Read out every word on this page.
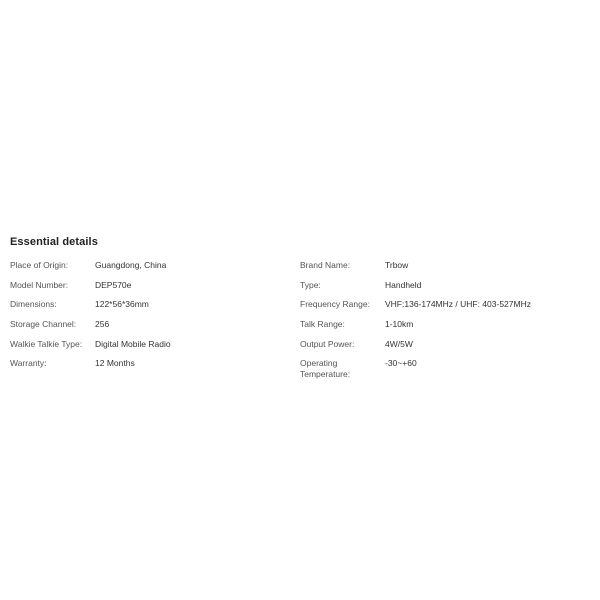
Essential details
Place of Origin:	Guangdong, China
Model Number:	DEP570e
Dimensions:	122*56*36mm
Storage Channel:	256
Walkie Talkie Type:	Digital Mobile Radio
Warranty:	12 Months
Brand Name:	Trbow
Type:	Handheld
Frequency Range:	VHF:136-174MHz / UHF: 403-527MHz
Talk Range:	1-10km
Output Power:	4W/5W
Operating Temperature:
-30~+60
